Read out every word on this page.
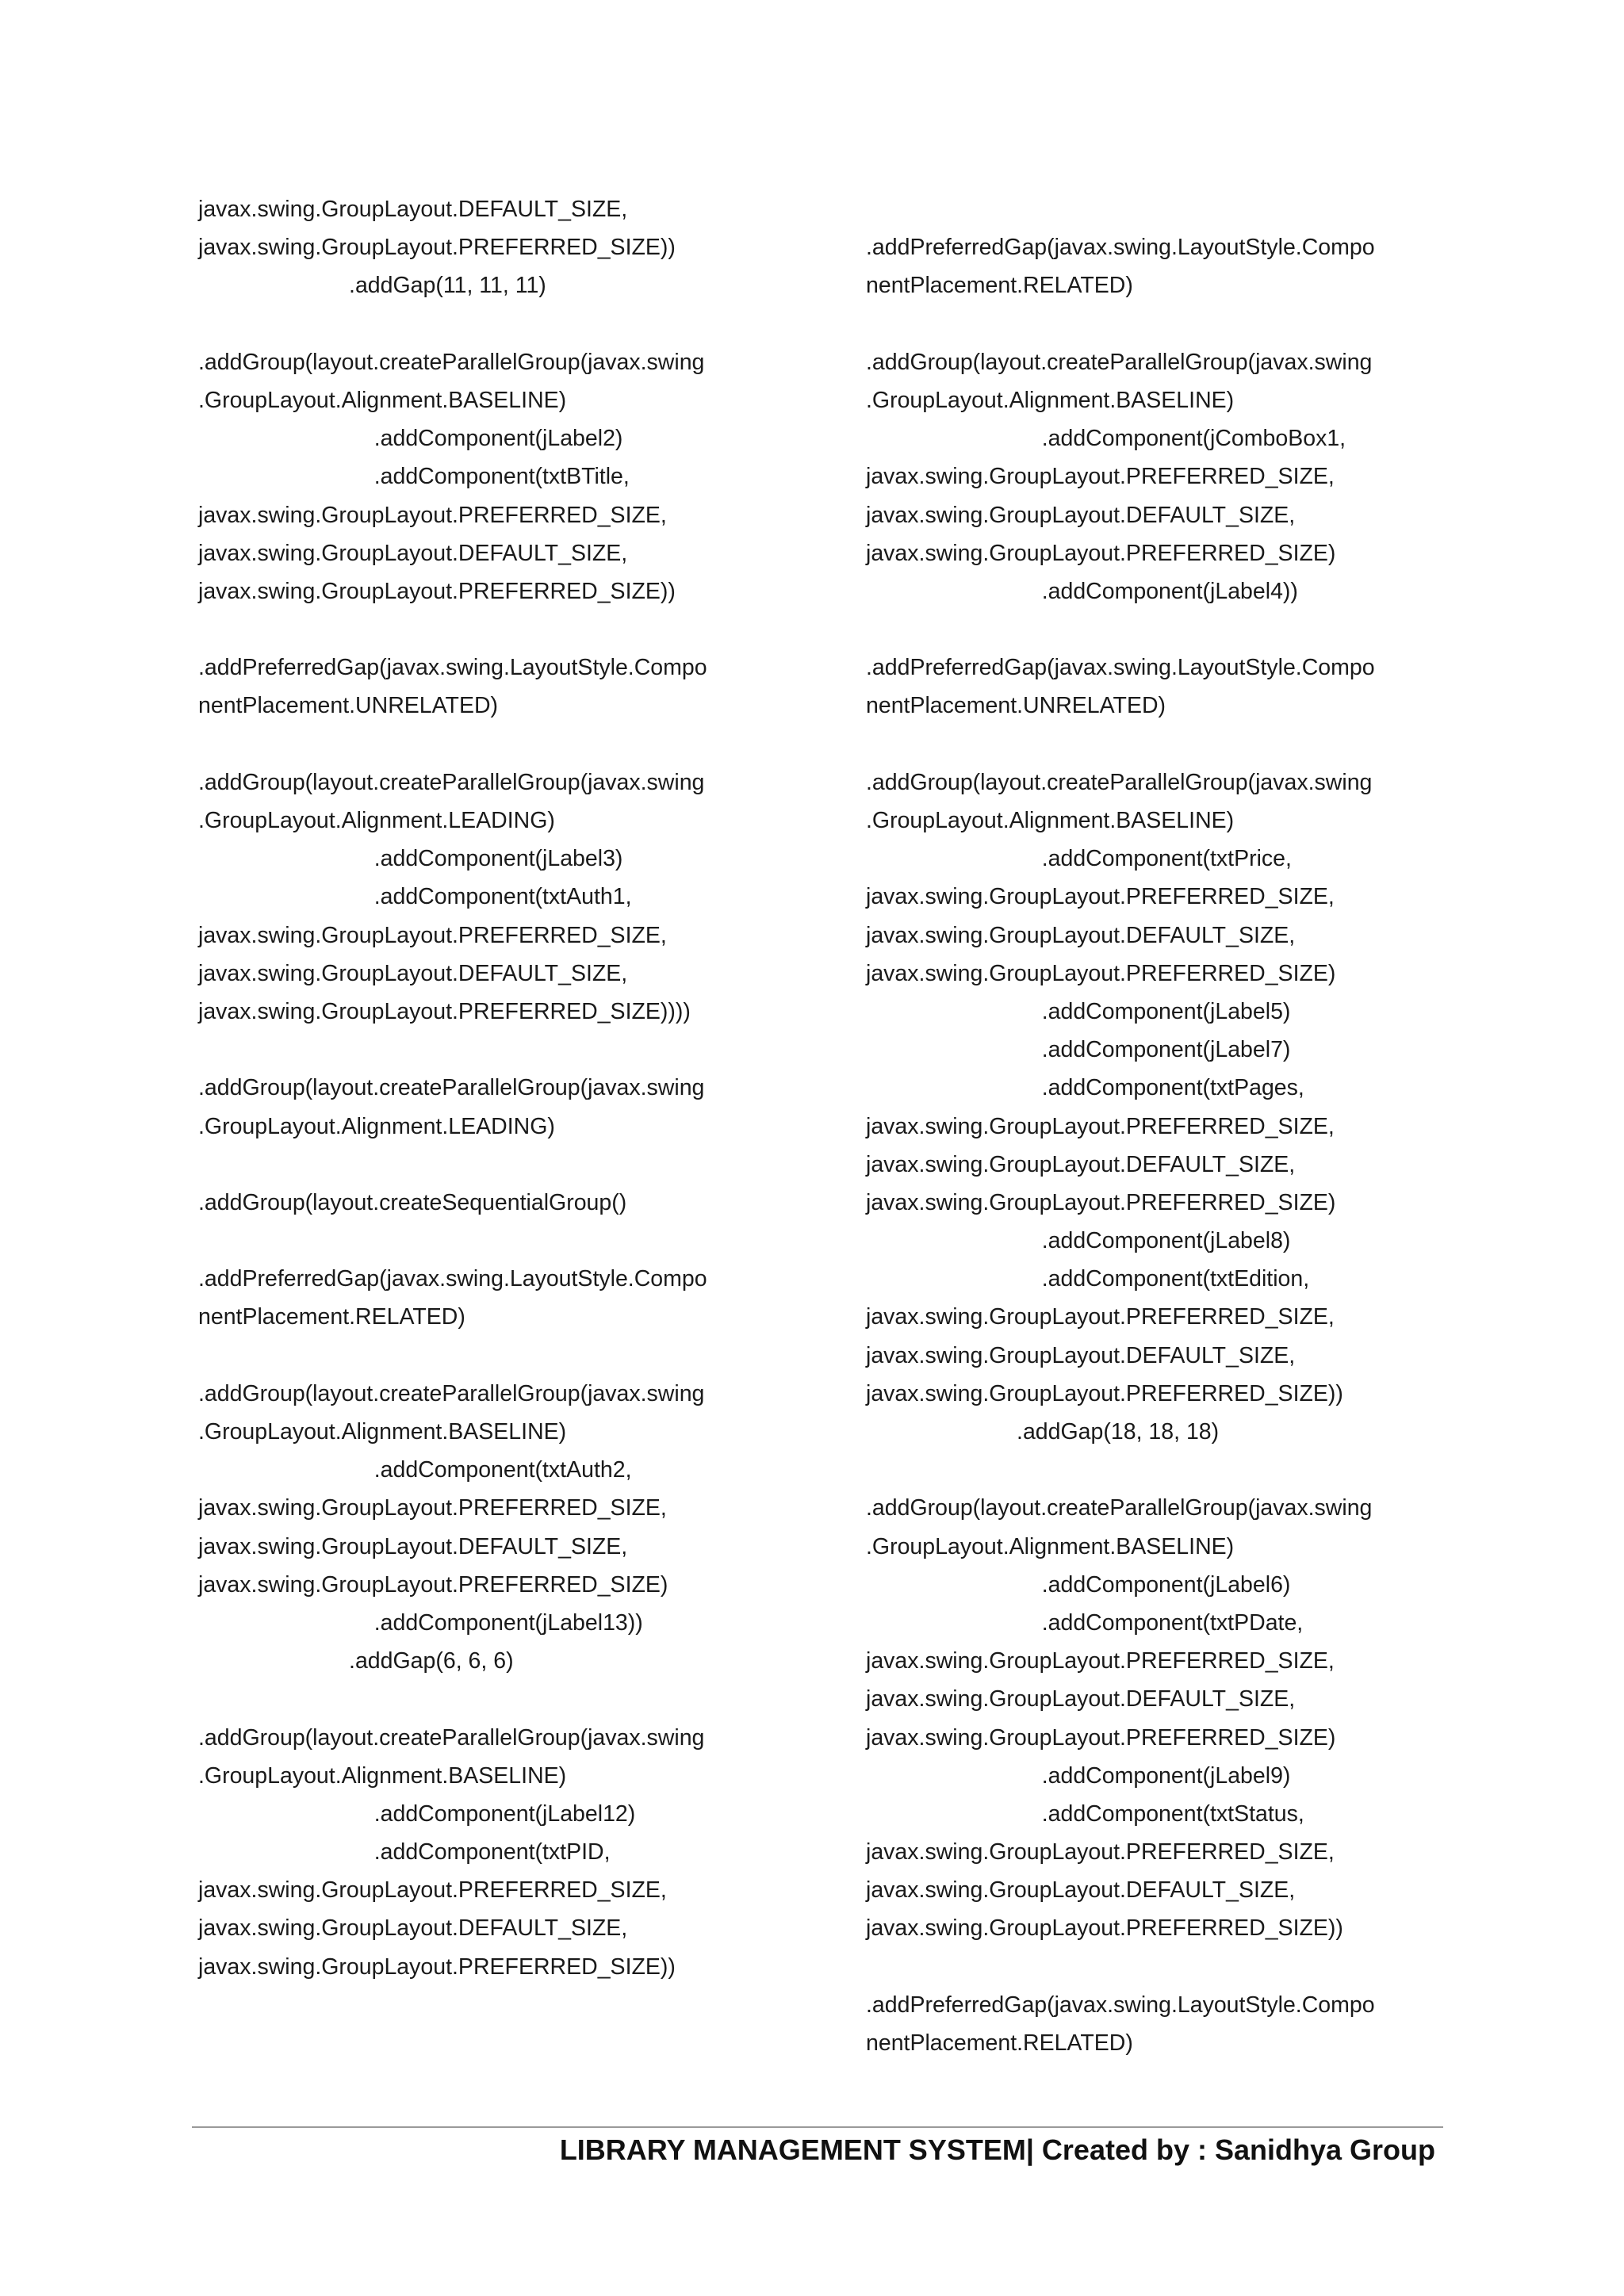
javax.swing.GroupLayout.DEFAULT_SIZE,
javax.swing.GroupLayout.PREFERRED_SIZE))
.addGap(11, 11, 11)
.addGroup(layout.createParallelGroup(javax.swing
.GroupLayout.Alignment.BASELINE)
.addComponent(jLabel2)
.addComponent(txtBTitle,
javax.swing.GroupLayout.PREFERRED_SIZE,
javax.swing.GroupLayout.DEFAULT_SIZE,
javax.swing.GroupLayout.PREFERRED_SIZE))
.addPreferredGap(javax.swing.LayoutStyle.Compo
nentPlacement.UNRELATED)
.addGroup(layout.createParallelGroup(javax.swing
.GroupLayout.Alignment.LEADING)
.addComponent(jLabel3)
.addComponent(txtAuth1,
javax.swing.GroupLayout.PREFERRED_SIZE,
javax.swing.GroupLayout.DEFAULT_SIZE,
javax.swing.GroupLayout.PREFERRED_SIZE))))
.addGroup(layout.createParallelGroup(javax.swing
.GroupLayout.Alignment.LEADING)
.addGroup(layout.createSequentialGroup()
.addPreferredGap(javax.swing.LayoutStyle.Compo
nentPlacement.RELATED)
.addGroup(layout.createParallelGroup(javax.swing
.GroupLayout.Alignment.BASELINE)
.addComponent(txtAuth2,
javax.swing.GroupLayout.PREFERRED_SIZE,
javax.swing.GroupLayout.DEFAULT_SIZE,
javax.swing.GroupLayout.PREFERRED_SIZE)
.addComponent(jLabel13))
.addGap(6, 6, 6)
.addGroup(layout.createParallelGroup(javax.swing
.GroupLayout.Alignment.BASELINE)
.addComponent(jLabel12)
.addComponent(txtPID,
javax.swing.GroupLayout.PREFERRED_SIZE,
javax.swing.GroupLayout.DEFAULT_SIZE,
javax.swing.GroupLayout.PREFERRED_SIZE))
.addPreferredGap(javax.swing.LayoutStyle.Compo
nentPlacement.RELATED)
.addGroup(layout.createParallelGroup(javax.swing
.GroupLayout.Alignment.BASELINE)
.addComponent(jComboBox1,
javax.swing.GroupLayout.PREFERRED_SIZE,
javax.swing.GroupLayout.DEFAULT_SIZE,
javax.swing.GroupLayout.PREFERRED_SIZE)
.addComponent(jLabel4))
.addPreferredGap(javax.swing.LayoutStyle.Compo
nentPlacement.UNRELATED)
.addGroup(layout.createParallelGroup(javax.swing
.GroupLayout.Alignment.BASELINE)
.addComponent(txtPrice,
javax.swing.GroupLayout.PREFERRED_SIZE,
javax.swing.GroupLayout.DEFAULT_SIZE,
javax.swing.GroupLayout.PREFERRED_SIZE)
.addComponent(jLabel5)
.addComponent(jLabel7)
.addComponent(txtPages,
javax.swing.GroupLayout.PREFERRED_SIZE,
javax.swing.GroupLayout.DEFAULT_SIZE,
javax.swing.GroupLayout.PREFERRED_SIZE)
.addComponent(jLabel8)
.addComponent(txtEdition,
javax.swing.GroupLayout.PREFERRED_SIZE,
javax.swing.GroupLayout.DEFAULT_SIZE,
javax.swing.GroupLayout.PREFERRED_SIZE))
.addGap(18, 18, 18)
.addGroup(layout.createParallelGroup(javax.swing
.GroupLayout.Alignment.BASELINE)
.addComponent(jLabel6)
.addComponent(txtPDate,
javax.swing.GroupLayout.PREFERRED_SIZE,
javax.swing.GroupLayout.DEFAULT_SIZE,
javax.swing.GroupLayout.PREFERRED_SIZE)
.addComponent(jLabel9)
.addComponent(txtStatus,
javax.swing.GroupLayout.PREFERRED_SIZE,
javax.swing.GroupLayout.DEFAULT_SIZE,
javax.swing.GroupLayout.PREFERRED_SIZE))
.addPreferredGap(javax.swing.LayoutStyle.Compo
nentPlacement.RELATED)
LIBRARY MANAGEMENT SYSTEM| Created by : Sanidhya Group
